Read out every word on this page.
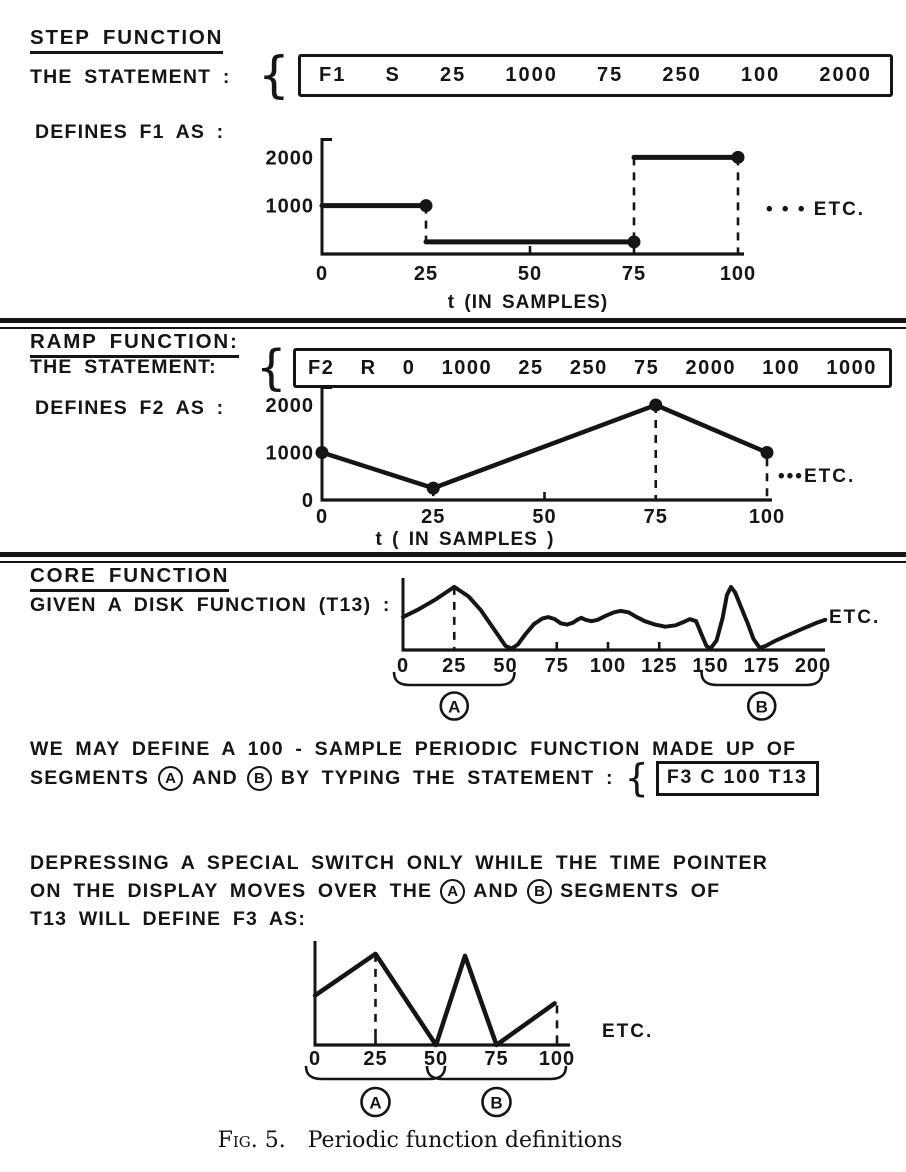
STEP FUNCTION
THE STATEMENT : { F1 S 25 1000 75 250 100 2000
DEFINES F1 AS :
0	25	50	75	100
2000
1000
t (IN SAMPLES)
• • • ETC.
RAMP FUNCTION:
THE STATEMENT: { F2 R 0 1000 25 250 75 2000 100 1000
DEFINES F2 AS :
0	25	50	75	100
2000
1000
0
t ( IN SAMPLES )
•••ETC.
CORE FUNCTION
GIVEN A DISK FUNCTION (T13) :
0 25 50 75 100 125 150 175 200
ETC.
A	B
WE MAY DEFINE A 100 - SAMPLE PERIODIC FUNCTION MADE UP OF
SEGMENTS	A AND	B BY TYPING THE STATEMENT : { F3 C 100 T13
DEPRESSING A SPECIAL SWITCH ONLY WHILE THE TIME POINTER
ON THE DISPLAY MOVES OVER THE	A AND	B SEGMENTS OF
T13 WILL DEFINE F3 AS:
0 25 50 75 100
ETC.
A	B
Fig. 5. Periodic function definitions
